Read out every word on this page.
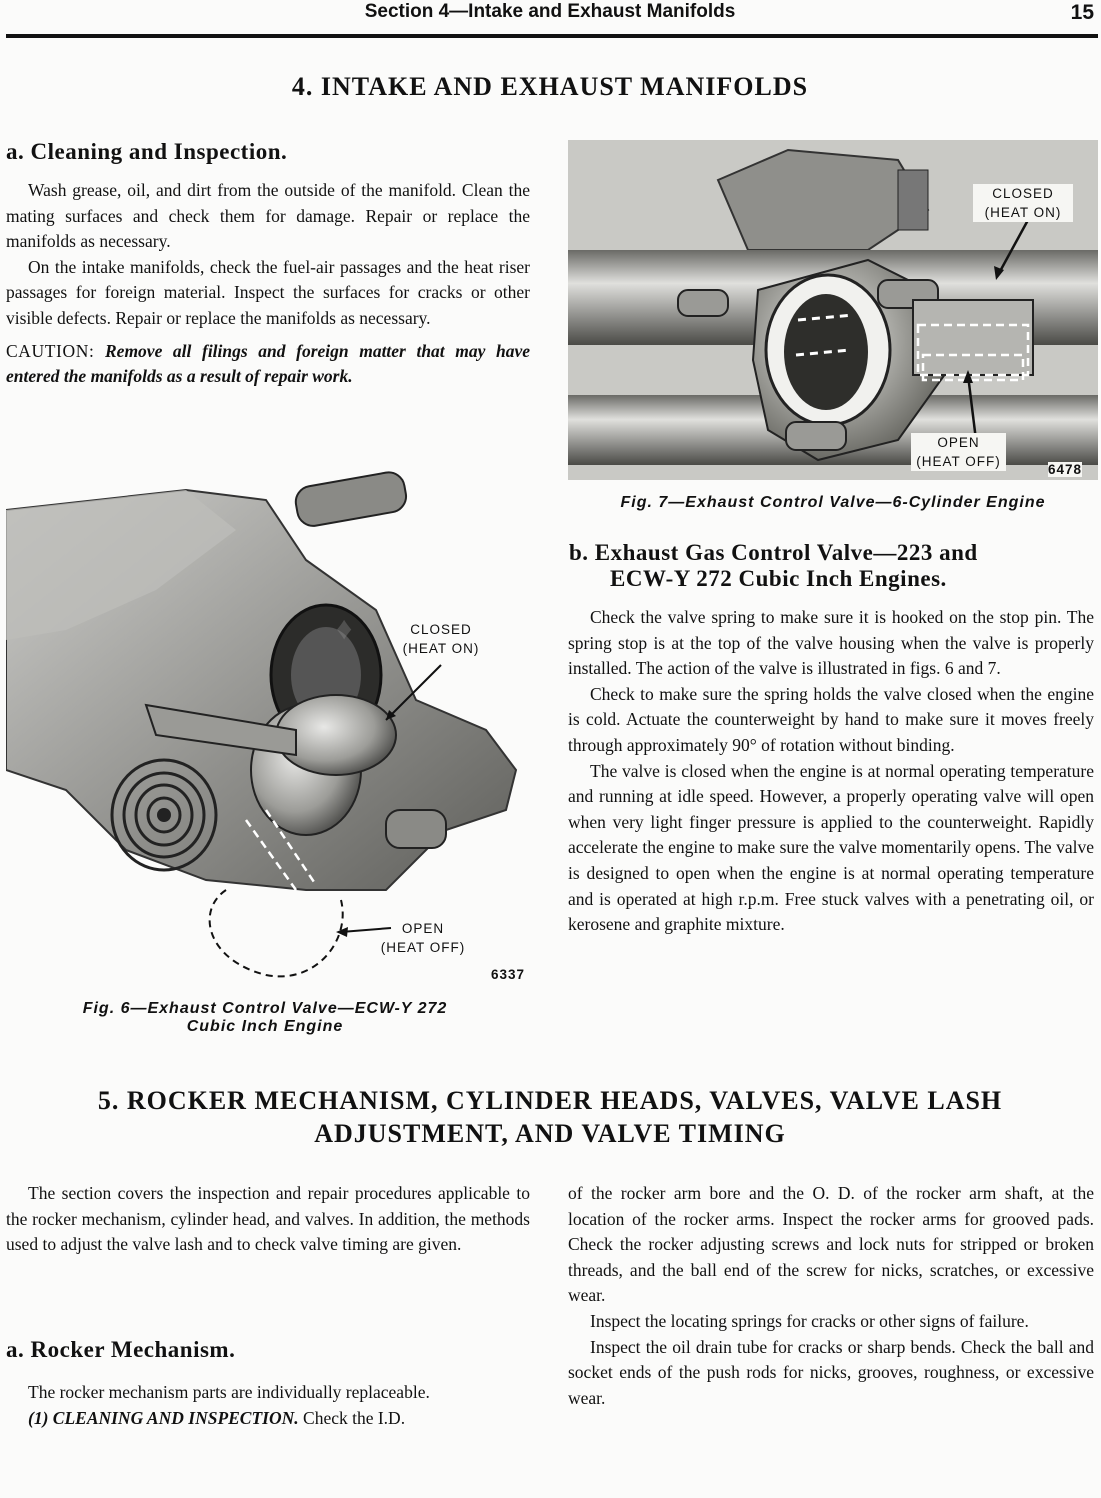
Section 4—Intake and Exhaust Manifolds	15
4. INTAKE AND EXHAUST MANIFOLDS
a. Cleaning and Inspection.

Wash grease, oil, and dirt from the outside of the manifold. Clean the mating surfaces and check them for damage. Repair or replace the manifolds as necessary.

On the intake manifolds, check the fuel-air passages and the heat riser passages for foreign material. Inspect the surfaces for cracks or other visible defects. Repair or replace the manifolds as necessary.

CAUTION: Remove all filings and foreign matter that may have entered the manifolds as a result of repair work.

♦	CLOSED
(HEAT ON)
OPEN
(HEAT OFF)
6337
Fig. 6—Exhaust Control Valve—ECW-Y 272
Cubic Inch Engine
CLOSED
(HEAT ON)
OPEN
(HEAT OFF)
6478
Fig. 7—Exhaust Control Valve—6-Cylinder Engine
b. Exhaust Gas Control Valve—223 and
ECW-Y 272 Cubic Inch Engines.

Check the valve spring to make sure it is hooked on the stop pin. The spring stop is at the top of the valve housing when the valve is properly installed. The action of the valve is illustrated in figs. 6 and 7.

Check to make sure the spring holds the valve closed when the engine is cold. Actuate the counterweight by hand to make sure it moves freely through approximately 90° of rotation without binding.

The valve is closed when the engine is at normal operating temperature and running at idle speed. However, a properly operating valve will open when very light finger pressure is applied to the counterweight. Rapidly accelerate the engine to make sure the valve momentarily opens. The valve is designed to open when the engine is at normal operating temperature and is operated at high r.p.m. Free stuck valves with a penetrating oil, or kerosene and graphite mixture.

5. ROCKER MECHANISM, CYLINDER HEADS, VALVES, VALVE LASH
ADJUSTMENT, AND VALVE TIMING

The section covers the inspection and repair procedures applicable to the rocker mechanism, cylinder head, and valves. In addition, the methods used to adjust the valve lash and to check valve timing are given.

a. Rocker Mechanism.

The rocker mechanism parts are individually replaceable.

(1) CLEANING AND INSPECTION. Check the I.D.

of the rocker arm bore and the O. D. of the rocker arm shaft, at the location of the rocker arms. Inspect the rocker arms for grooved pads. Check the rocker adjusting screws and lock nuts for stripped or broken threads, and the ball end of the screw for nicks, scratches, or excessive wear.

Inspect the locating springs for cracks or other signs of failure.

Inspect the oil drain tube for cracks or sharp bends. Check the ball and socket ends of the push rods for nicks, grooves, roughness, or excessive wear.
